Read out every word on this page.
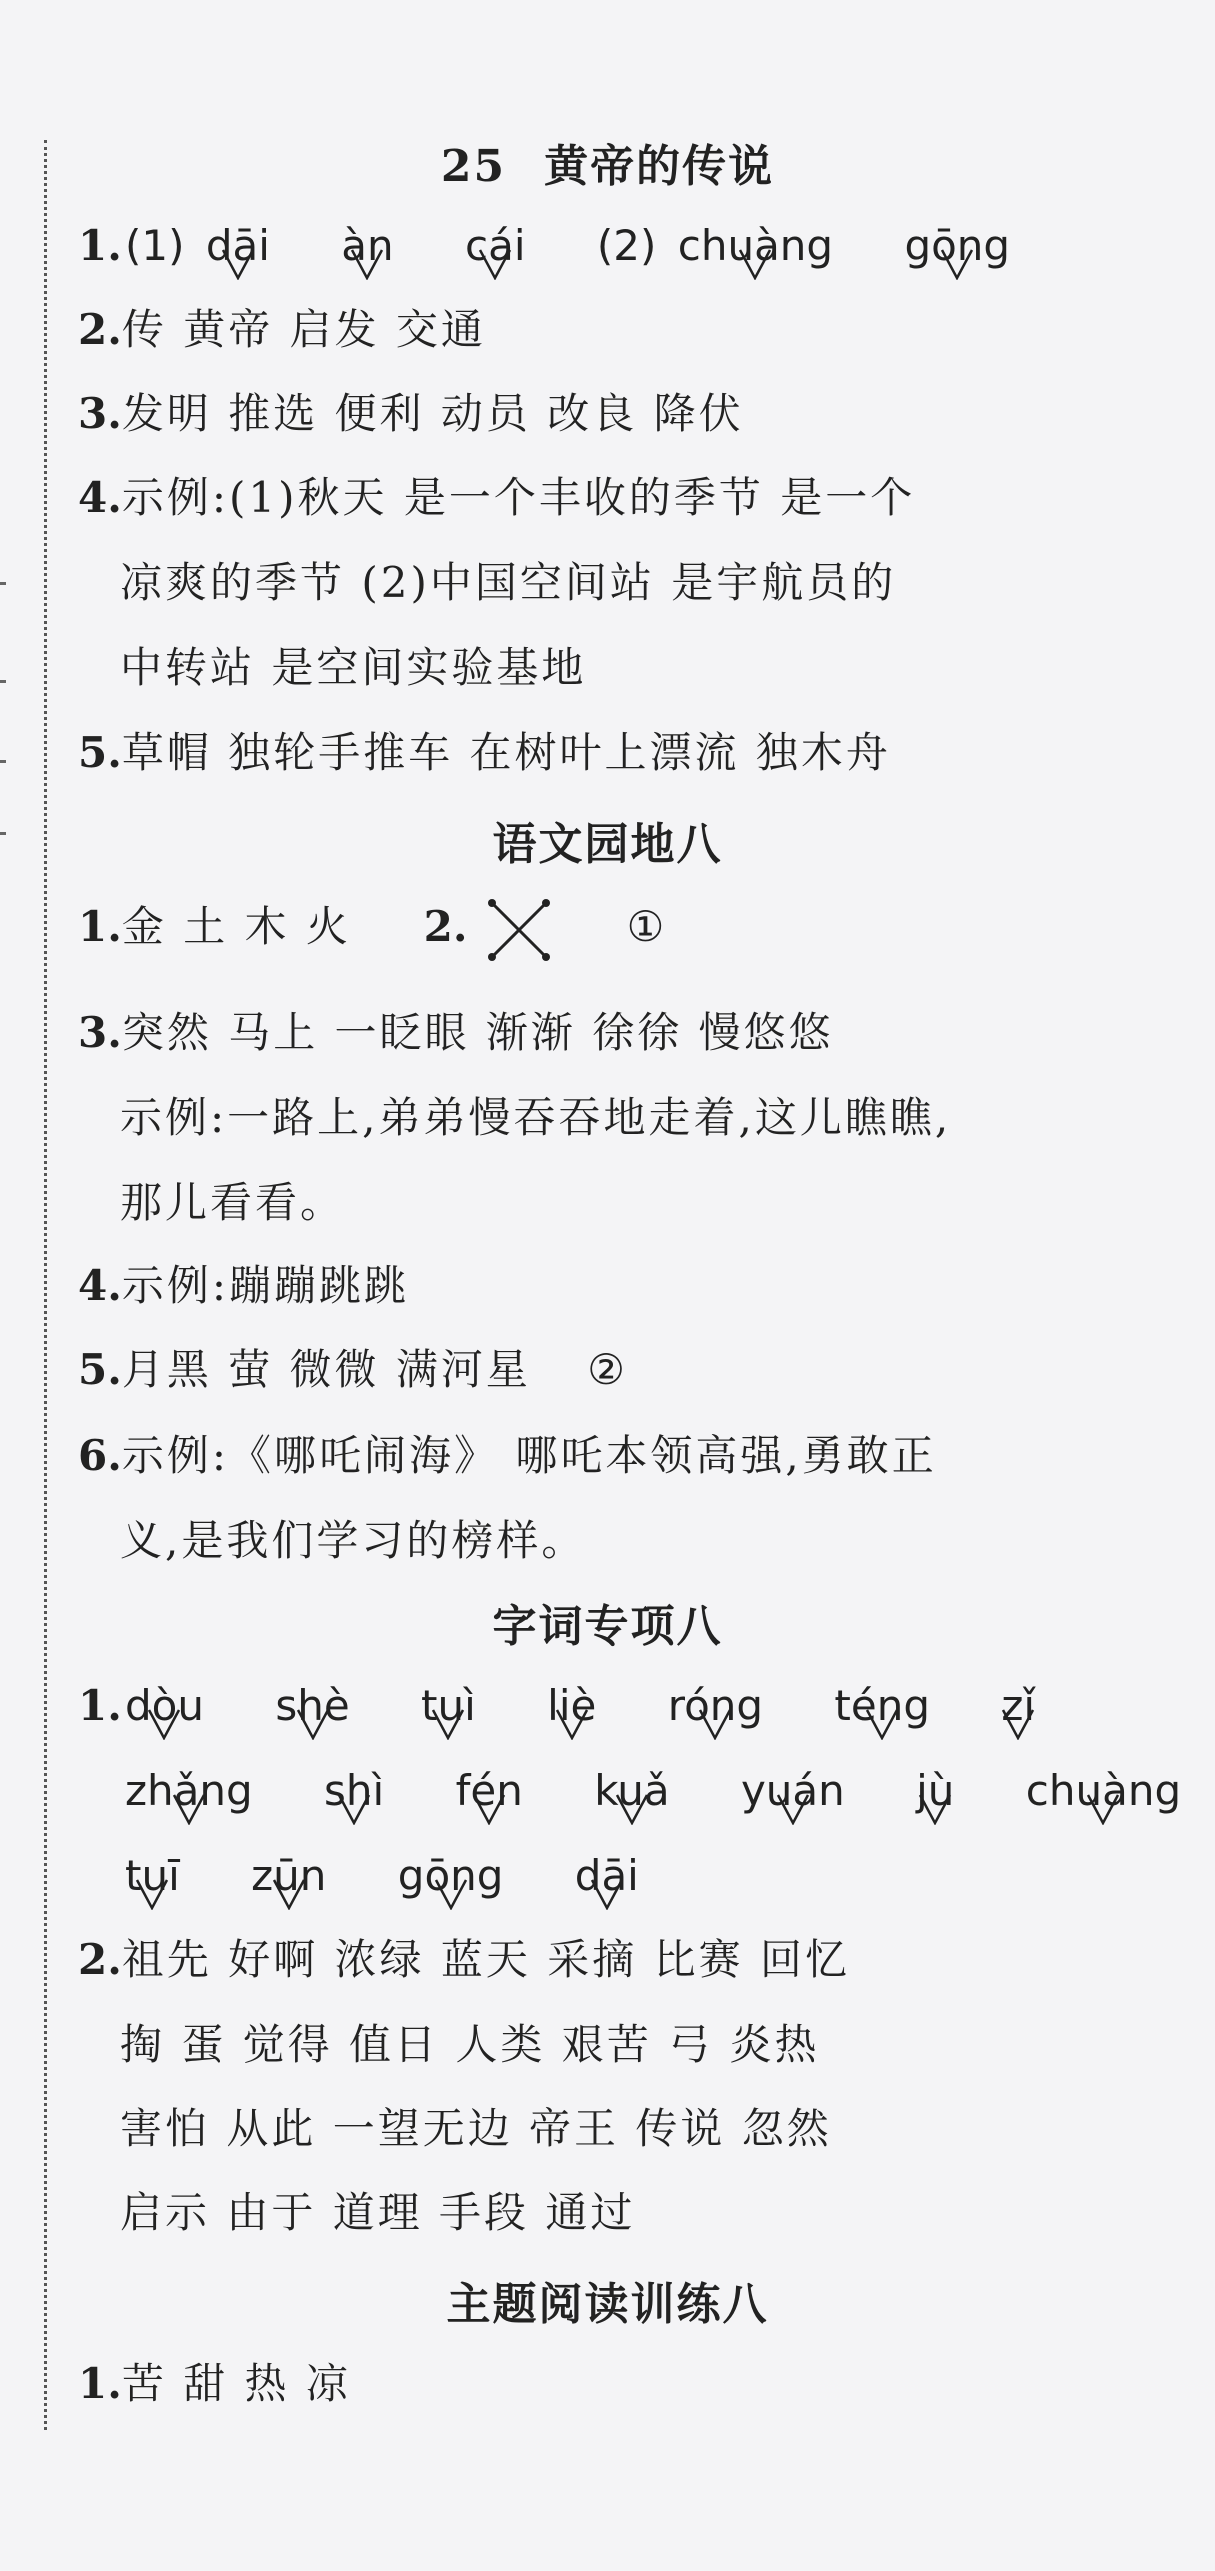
25 黄帝的传说
1. (1) dāi àn cái (2) chuàng gōng
2.传 黄帝 启发 交通
3.发明 推选 便利 动员 改良 降伏
4.示例:(1)秋天 是一个丰收的季节 是一个
凉爽的季节 (2)中国空间站 是宇航员的
中转站 是空间实验基地
5.草帽 独轮手推车 在树叶上漂流 独木舟
语文园地八
1.金 土 木 火 2.	①
3.突然 马上 一眨眼 渐渐 徐徐 慢悠悠
示例:一路上,弟弟慢吞吞地走着,这儿瞧瞧,
那儿看看。
4.示例:蹦蹦跳跳
5.月黑 萤 微微 满河星 ②
6.示例:《哪吒闹海》 哪吒本领高强,勇敢正
义,是我们学习的榜样。
字词专项八
1. dòu shè tuì liè róng téng zǐ
zhǎng shì fén kuǎ yuán jù chuàng
tuī zūn gōng dāi
2.祖先 好啊 浓绿 蓝天 采摘 比赛 回忆
掏 蛋 觉得 值日 人类 艰苦 弓 炎热
害怕 从此 一望无边 帝王 传说 忽然
启示 由于 道理 手段 通过
主题阅读训练八
1.苦 甜 热 凉
